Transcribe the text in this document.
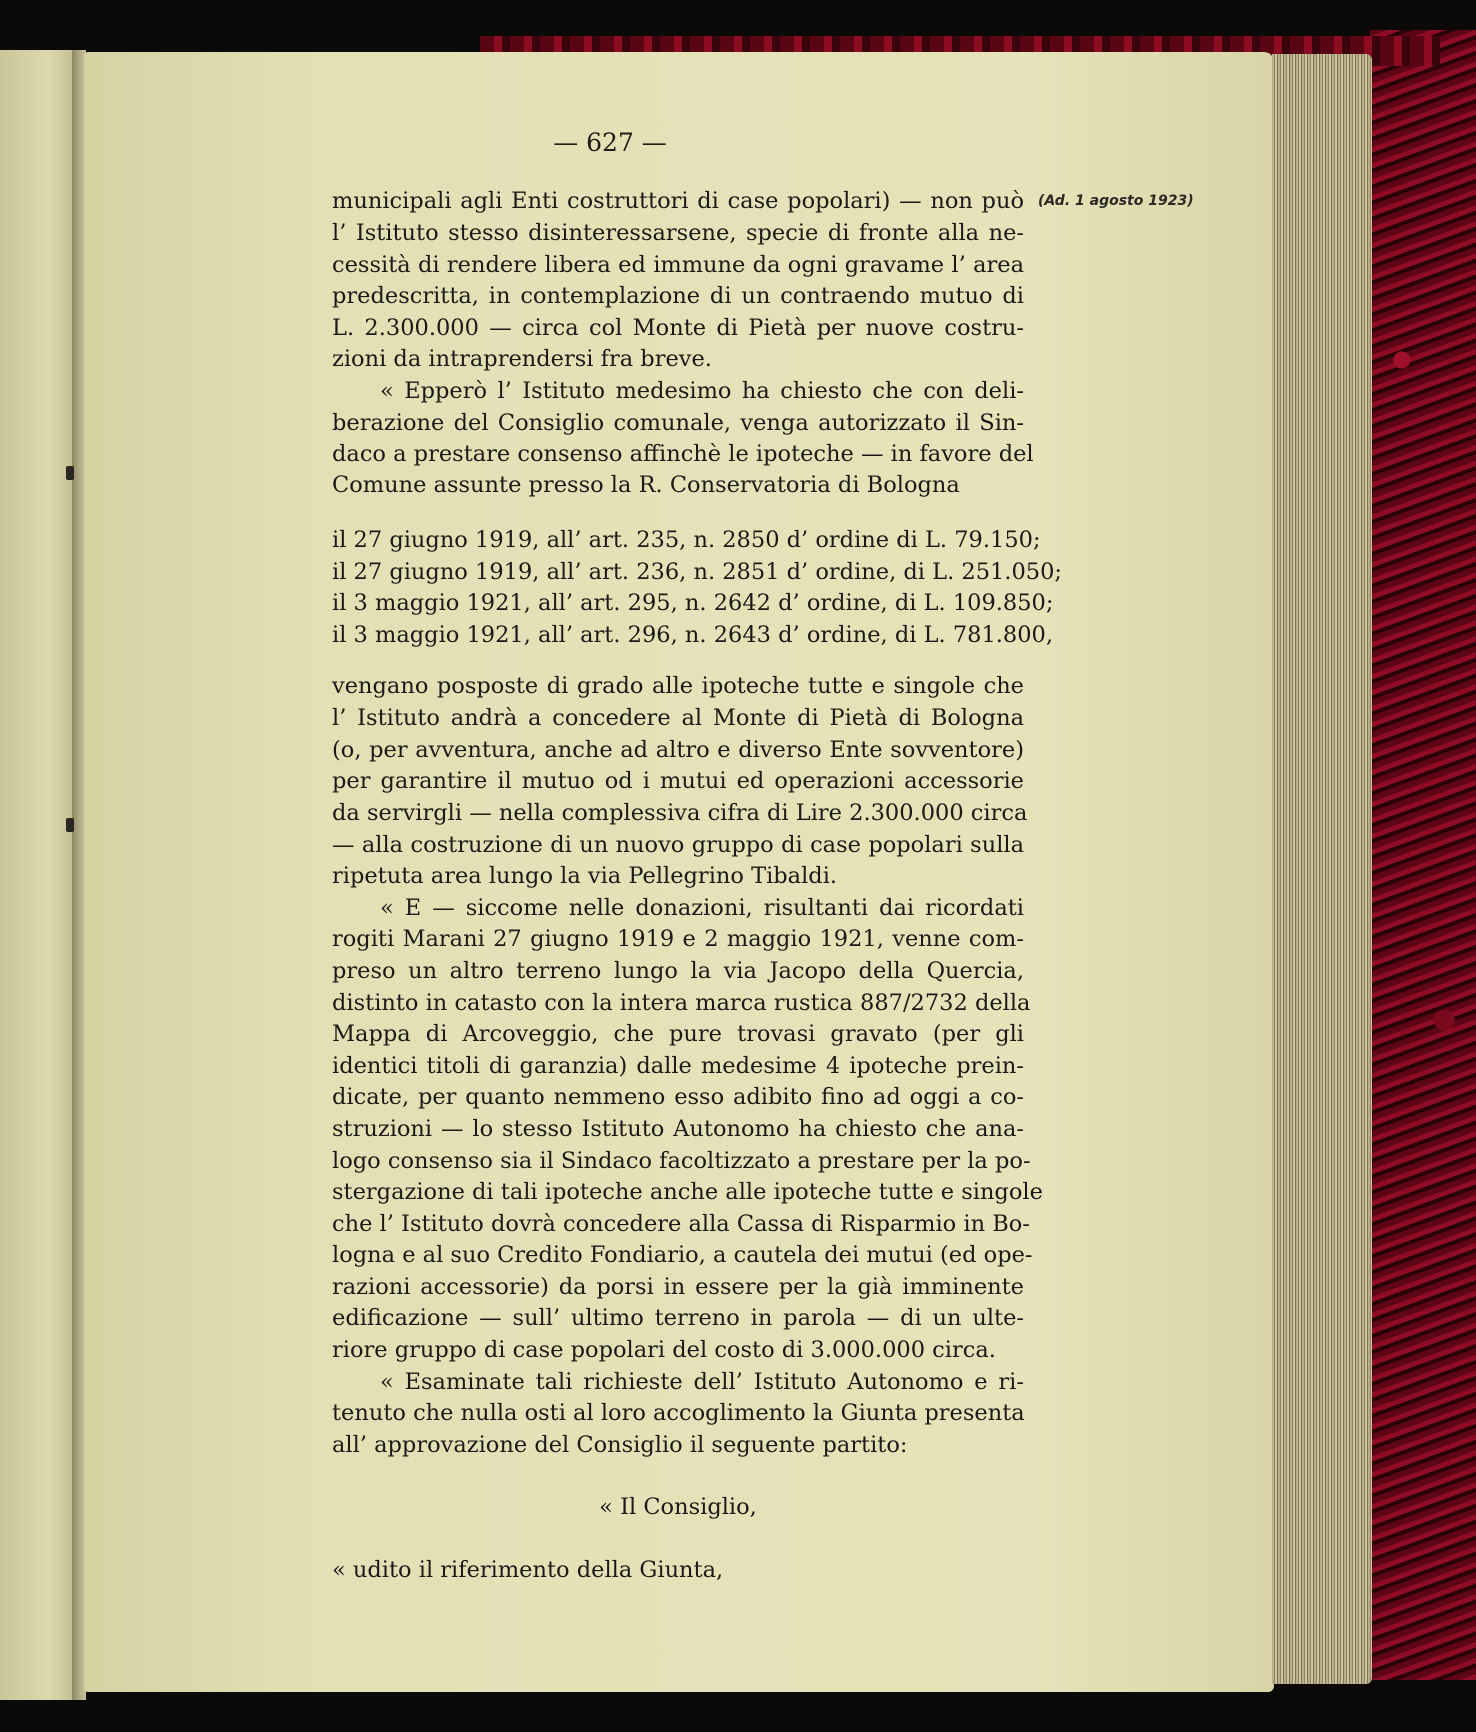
— 627 —
(Ad. 1 agosto 1923)
municipali agli Enti costruttori di case popolari) — non può
l’ Istituto stesso disinteressarsene, specie di fronte alla ne-
cessità di rendere libera ed immune da ogni gravame l’ area
predescritta, in contemplazione di un contraendo mutuo di
L. 2.300.000 — circa col Monte di Pietà per nuove costru-
zioni da intraprendersi fra breve.
« Epperò l’ Istituto medesimo ha chiesto che con deli-
berazione del Consiglio comunale, venga autorizzato il Sin-
daco a prestare consenso affinchè le ipoteche — in favore del
Comune assunte presso la R. Conservatoria di Bologna
il 27 giugno 1919, all’ art. 235, n. 2850 d’ ordine di L. 79.150;
il 27 giugno 1919, all’ art. 236, n. 2851 d’ ordine, di L. 251.050;
il 3 maggio 1921, all’ art. 295, n. 2642 d’ ordine, di L. 109.850;
il 3 maggio 1921, all’ art. 296, n. 2643 d’ ordine, di L. 781.800,
vengano posposte di grado alle ipoteche tutte e singole che
l’ Istituto andrà a concedere al Monte di Pietà di Bologna
(o, per avventura, anche ad altro e diverso Ente sovventore)
per garantire il mutuo od i mutui ed operazioni accessorie
da servirgli — nella complessiva cifra di Lire 2.300.000 circa
— alla costruzione di un nuovo gruppo di case popolari sulla
ripetuta area lungo la via Pellegrino Tibaldi.
« E — siccome nelle donazioni, risultanti dai ricordati
rogiti Marani 27 giugno 1919 e 2 maggio 1921, venne com-
preso un altro terreno lungo la via Jacopo della Quercia,
distinto in catasto con la intera marca rustica 887/2732 della
Mappa di Arcoveggio, che pure trovasi gravato (per gli
identici titoli di garanzia) dalle medesime 4 ipoteche prein-
dicate, per quanto nemmeno esso adibito fino ad oggi a co-
struzioni — lo stesso Istituto Autonomo ha chiesto che ana-
logo consenso sia il Sindaco facoltizzato a prestare per la po-
stergazione di tali ipoteche anche alle ipoteche tutte e singole
che l’ Istituto dovrà concedere alla Cassa di Risparmio in Bo-
logna e al suo Credito Fondiario, a cautela dei mutui (ed ope-
razioni accessorie) da porsi in essere per la già imminente
edificazione — sull’ ultimo terreno in parola — di un ulte-
riore gruppo di case popolari del costo di 3.000.000 circa.
« Esaminate tali richieste dell’ Istituto Autonomo e ri-
tenuto che nulla osti al loro accoglimento la Giunta presenta
all’ approvazione del Consiglio il seguente partito:
« Il Consiglio,
« udito il riferimento della Giunta,
